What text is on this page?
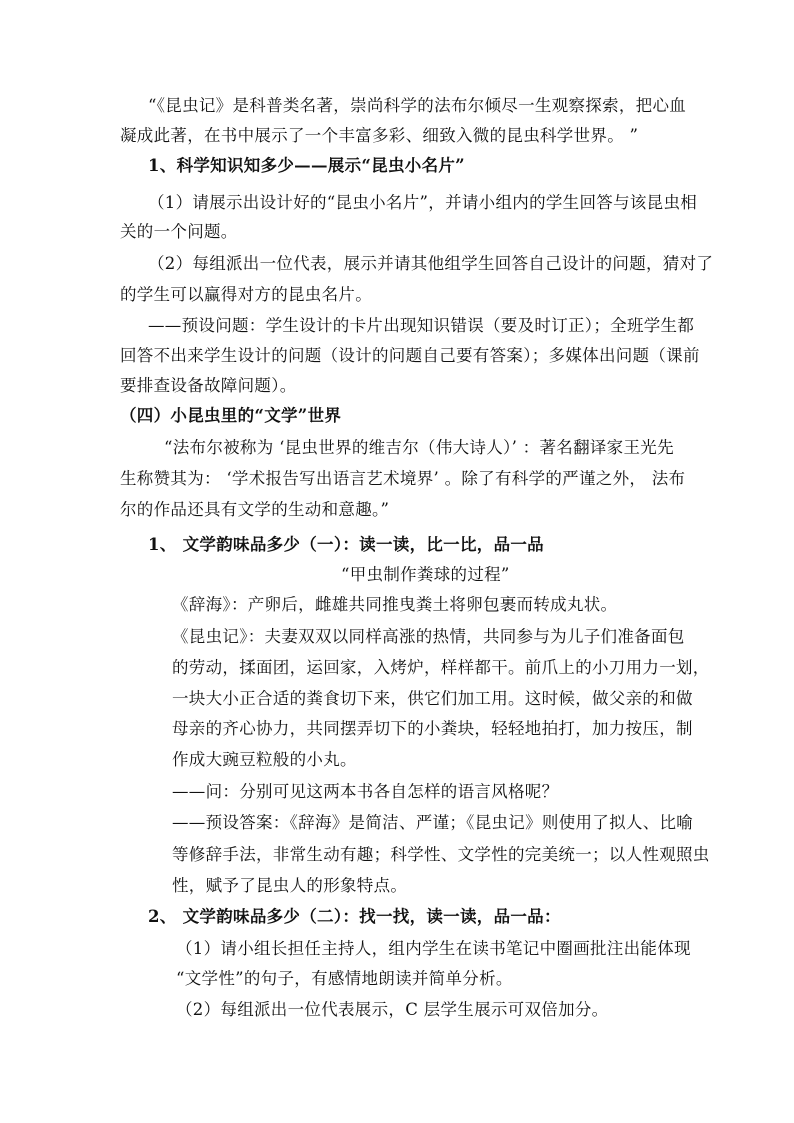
“《昆虫记》是科普类名著，崇尚科学的法布尔倾尽一生观察探索，把心血
凝成此著，在书中展示了一个丰富多彩、细致入微的昆虫科学世界。 ”
1、科学知识知多少——展示“昆虫小名片”
（1）请展示出设计好的“昆虫小名片”，并请小组内的学生回答与该昆虫相
关的一个问题。
（2）每组派出一位代表，展示并请其他组学生回答自己设计的问题，猜对了
的学生可以赢得对方的昆虫名片。
——预设问题：学生设计的卡片出现知识错误（要及时订正）；全班学生都
回答不出来学生设计的问题（设计的问题自己要有答案）；多媒体出问题（课前
要排查设备故障问题）。
（四）小昆虫里的“文学”世界
“法布尔被称为 ‘昆虫世界的维吉尔（伟大诗人）’ ：著名翻译家王光先
生称赞其为： ‘学术报告写出语言艺术境界’ 。除了有科学的严谨之外， 法布
尔的作品还具有文学的生动和意趣。”
1、 文学韵味品多少（一）：读一读，比一比，品一品
“甲虫制作粪球的过程”
《辞海》：产卵后，雌雄共同推曳粪土将卵包裹而转成丸状。
《昆虫记》：夫妻双双以同样高涨的热情，共同参与为儿子们准备面包
的劳动，揉面团，运回家，入烤炉，样样都干。前爪上的小刀用力一划，
一块大小正合适的粪食切下来，供它们加工用。这时候，做父亲的和做
母亲的齐心协力，共同摆弄切下的小粪块，轻轻地拍打，加力按压，制
作成大豌豆粒般的小丸。
——问：分别可见这两本书各自怎样的语言风格呢？
——预设答案：《辞海》是简洁、严谨；《昆虫记》则使用了拟人、比喻
等修辞手法，非常生动有趣；科学性、文学性的完美统一；以人性观照虫
性，赋予了昆虫人的形象特点。
2、 文学韵味品多少（二）：找一找，读一读，品一品：
（1）请小组长担任主持人，组内学生在读书笔记中圈画批注出能体现
“文学性”的句子，有感情地朗读并简单分析。
（2）每组派出一位代表展示，C 层学生展示可双倍加分。
